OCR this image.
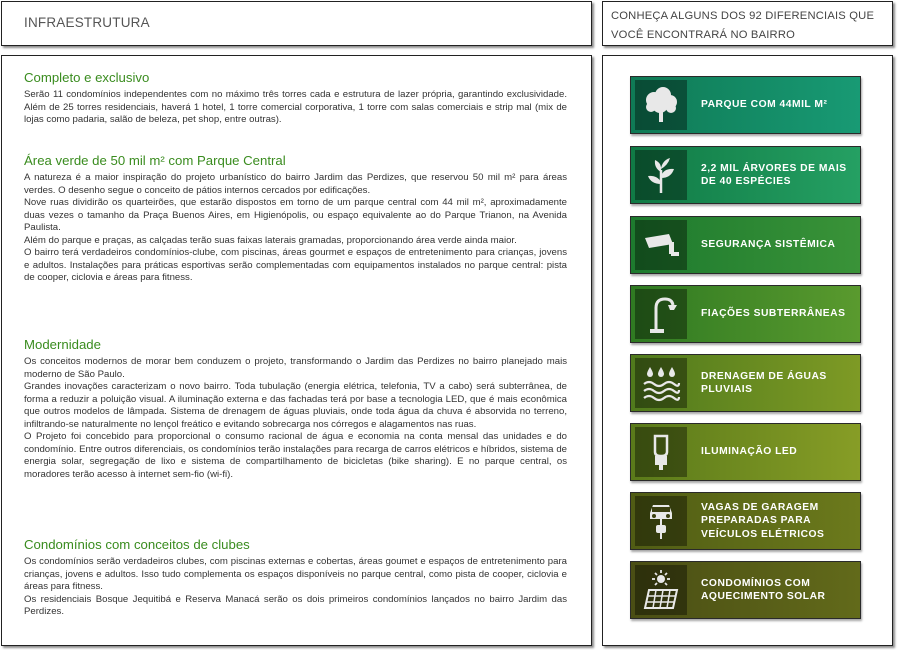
INFRAESTRUTURA	CONHEÇA ALGUNS DOS 92 DIFERENCIAIS QUE VOCÊ ENCONTRARÁ NO BAIRRO
Completo e exclusivo

Serão 11 condomínios independentes com no máximo três torres cada e estrutura de lazer própria, garantindo exclusividade. Além de 25 torres residenciais, haverá 1 hotel, 1 torre comercial corporativa, 1 torre com salas comerciais e strip mal (mix de lojas como padaria, salão de beleza, pet shop, entre outras).

Área verde de 50 mil m² com Parque Central

A natureza é a maior inspiração do projeto urbanístico do bairro Jardim das Perdizes, que reservou 50 mil m² para áreas verdes. O desenho segue o conceito de pátios internos cercados por edificações.

Nove ruas dividirão os quarteirões, que estarão dispostos em torno de um parque central com 44 mil m², aproximadamente duas vezes o tamanho da Praça Buenos Aires, em Higienópolis, ou espaço equivalente ao do Parque Trianon, na Avenida Paulista.

Além do parque e praças, as calçadas terão suas faixas laterais gramadas, proporcionando área verde ainda maior.

O bairro terá verdadeiros condomínios-clube, com piscinas, áreas gourmet e espaços de entretenimento para crianças, jovens e adultos. Instalações para práticas esportivas serão complementadas com equipamentos instalados no parque central: pista de cooper, ciclovia e áreas para fitness.

Modernidade

Os conceitos modernos de morar bem conduzem o projeto, transformando o Jardim das Perdizes no bairro planejado mais moderno de São Paulo.

Grandes inovações caracterizam o novo bairro. Toda tubulação (energia elétrica, telefonia, TV a cabo) será subterrânea, de forma a reduzir a poluição visual. A iluminação externa e das fachadas terá por base a tecnologia LED, que é mais econômica que outros modelos de lâmpada. Sistema de drenagem de águas pluviais, onde toda água da chuva é absorvida no terreno, infiltrando-se naturalmente no lençol freático e evitando sobrecarga nos córregos e alagamentos nas ruas.

O Projeto foi concebido para proporcional o consumo racional de água e economia na conta mensal das unidades e do condomínio. Entre outros diferenciais, os condomínios terão instalações para recarga de carros elétricos e híbridos, sistema de energia solar, segregação de lixo e sistema de compartilhamento de bicicletas (bike sharing). E no parque central, os moradores terão acesso à internet sem-fio (wi-fi).

Condomínios com conceitos de clubes

Os condomínios serão verdadeiros clubes, com piscinas externas e cobertas, áreas goumet e espaços de entretenimento para crianças, jovens e adultos. Isso tudo complementa os espaços disponíveis no parque central, como pista de cooper, ciclovia e áreas para fitness.

Os residenciais Bosque Jequitibá e Reserva Manacá serão os dois primeiros condomínios lançados no bairro Jardim das Perdizes.

PARQUE COM 44MIL M²
2,2 MIL ÁRVORES DE MAIS DE 40 ESPÉCIES
SEGURANÇA SISTÊMICA
FIAÇÕES SUBTERRÂNEAS
DRENAGEM DE ÁGUAS PLUVIAIS
ILUMINAÇÃO LED
VAGAS DE GARAGEM PREPARADAS PARA VEÍCULOS ELÉTRICOS
CONDOMÍNIOS COM AQUECIMENTO SOLAR
